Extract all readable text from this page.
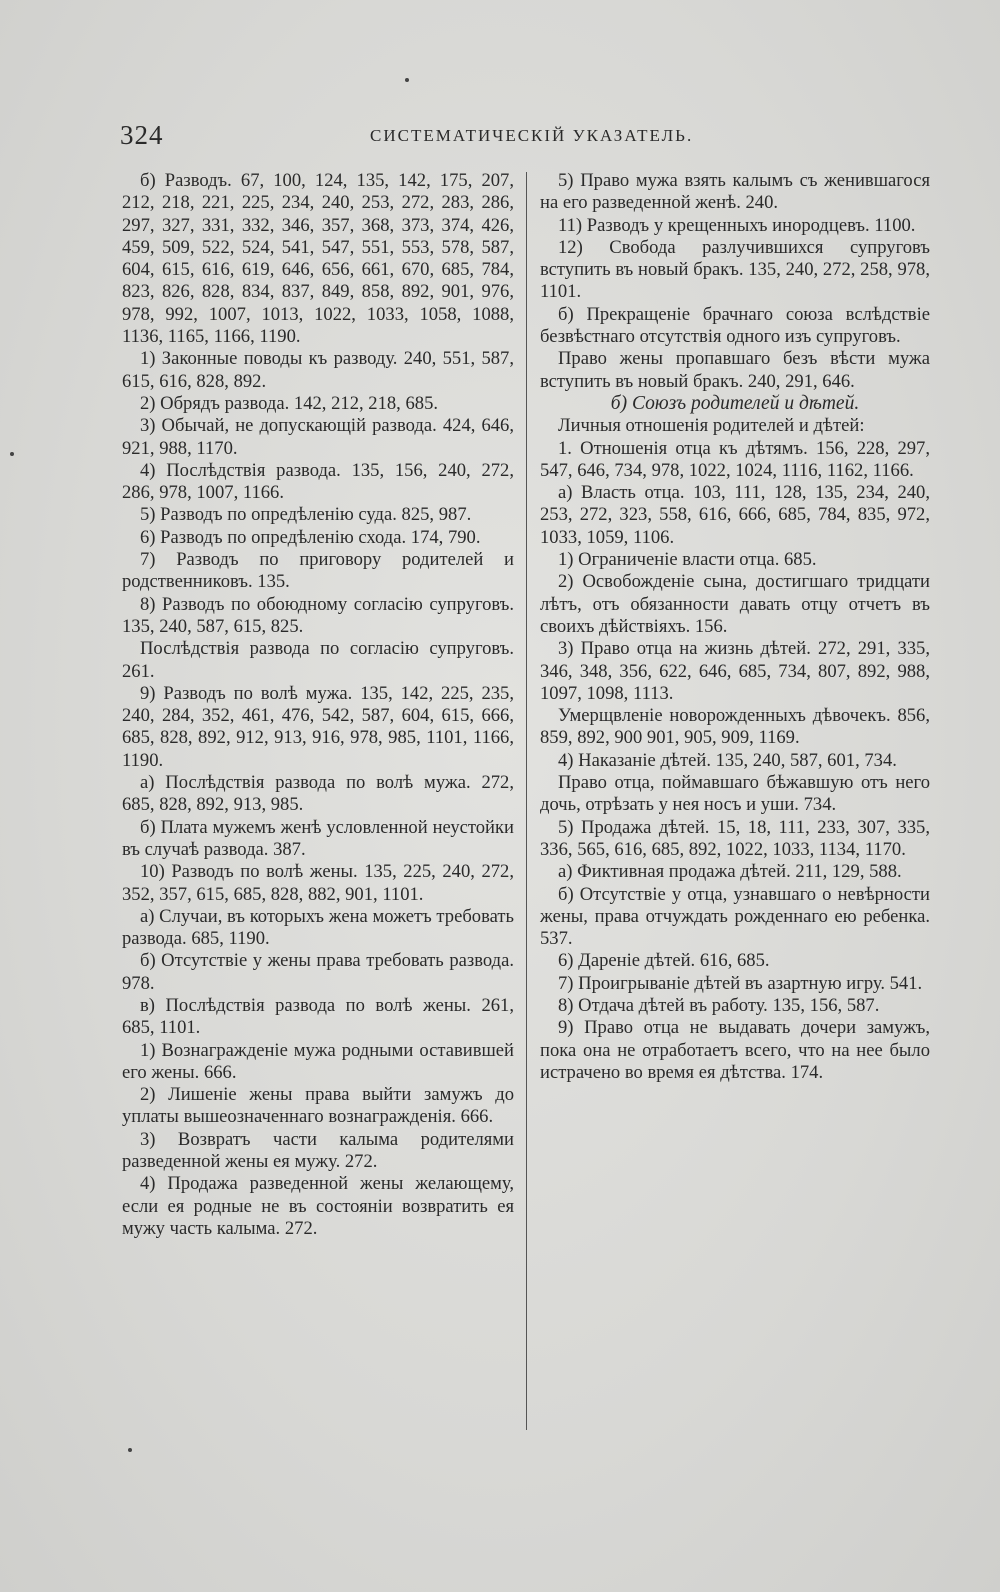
324	СИСТЕМАТИЧЕСКІЙ УКАЗАТЕЛЬ.

б) Разводъ. 67, 100, 124, 135, 142, 175, 207, 212, 218, 221, 225, 234, 240, 253, 272, 283, 286, 297, 327, 331, 332, 346, 357, 368, 373, 374, 426, 459, 509, 522, 524, 541, 547, 551, 553, 578, 587, 604, 615, 616, 619, 646, 656, 661, 670, 685, 784, 823, 826, 828, 834, 837, 849, 858, 892, 901, 976, 978, 992, 1007, 1013, 1022, 1033, 1058, 1088, 1136, 1165, 1166, 1190.

1) Законные поводы къ разводу. 240, 551, 587, 615, 616, 828, 892.

2) Обрядъ развода. 142, 212, 218, 685.

3) Обычай, не допускающій развода. 424, 646, 921, 988, 1170.

4) Послѣдствія развода. 135, 156, 240, 272, 286, 978, 1007, 1166.

5) Разводъ по опредѣленію суда. 825, 987.

6) Разводъ по опредѣленію схода. 174, 790.

7) Разводъ по приговору родителей и родственниковъ. 135.

8) Разводъ по обоюдному согласію супруговъ. 135, 240, 587, 615, 825.

Послѣдствія развода по согласію супруговъ. 261.

9) Разводъ по волѣ мужа. 135, 142, 225, 235, 240, 284, 352, 461, 476, 542, 587, 604, 615, 666, 685, 828, 892, 912, 913, 916, 978, 985, 1101, 1166, 1190.

а) Послѣдствія развода по волѣ мужа. 272, 685, 828, 892, 913, 985.

б) Плата мужемъ женѣ условленной неустойки въ случаѣ развода. 387.

10) Разводъ по волѣ жены. 135, 225, 240, 272, 352, 357, 615, 685, 828, 882, 901, 1101.

а) Случаи, въ которыхъ жена можетъ требовать развода. 685, 1190.

б) Отсутствіе у жены права требовать развода. 978.

в) Послѣдствія развода по волѣ жены. 261, 685, 1101.

1) Вознагражденіе мужа родными оставившей его жены. 666.

2) Лишеніе жены права выйти замужъ до уплаты вышеозначеннаго вознагражденія. 666.

3) Возвратъ части калыма родителями разведенной жены ея мужу. 272.

4) Продажа разведенной жены желающему, если ея родные не въ состояніи возвратить ея мужу часть калыма. 272.

5) Право мужа взять калымъ съ женившагося на его разведенной женѣ. 240.

11) Разводъ у крещенныхъ инородцевъ. 1100.

12) Свобода разлучившихся супруговъ вступить въ новый бракъ. 135, 240, 272, 258, 978, 1101.

б) Прекращеніе брачнаго союза вслѣдствіе безвѣстнаго отсутствія одного изъ супруговъ.

Право жены пропавшаго безъ вѣсти мужа вступить въ новый бракъ. 240, 291, 646.

б) Союзъ родителей и дѣтей.

Личныя отношенія родителей и дѣтей:

1. Отношенія отца къ дѣтямъ. 156, 228, 297, 547, 646, 734, 978, 1022, 1024, 1116, 1162, 1166.

а) Власть отца. 103, 111, 128, 135, 234, 240, 253, 272, 323, 558, 616, 666, 685, 784, 835, 972, 1033, 1059, 1106.

1) Ограниченіе власти отца. 685.

2) Освобожденіе сына, достигшаго тридцати лѣтъ, отъ обязанности давать отцу отчетъ въ своихъ дѣйствіяхъ. 156.

3) Право отца на жизнь дѣтей. 272, 291, 335, 346, 348, 356, 622, 646, 685, 734, 807, 892, 988, 1097, 1098, 1113.

Умерщвленіе новорожденныхъ дѣвочекъ. 856, 859, 892, 900 901, 905, 909, 1169.

4) Наказаніе дѣтей. 135, 240, 587, 601, 734.

Право отца, поймавшаго бѣжавшую отъ него дочь, отрѣзать у нея носъ и уши. 734.

5) Продажа дѣтей. 15, 18, 111, 233, 307, 335, 336, 565, 616, 685, 892, 1022, 1033, 1134, 1170.

а) Фиктивная продажа дѣтей. 211, 129, 588.

б) Отсутствіе у отца, узнавшаго о невѣрности жены, права отчуждать рожденнаго ею ребенка. 537.

6) Дареніе дѣтей. 616, 685.

7) Проигрываніе дѣтей въ азартную игру. 541.

8) Отдача дѣтей въ работу. 135, 156, 587.

9) Право отца не выдавать дочери замужъ, пока она не отработаетъ всего, что на нее было истрачено во время ея дѣтства. 174.
